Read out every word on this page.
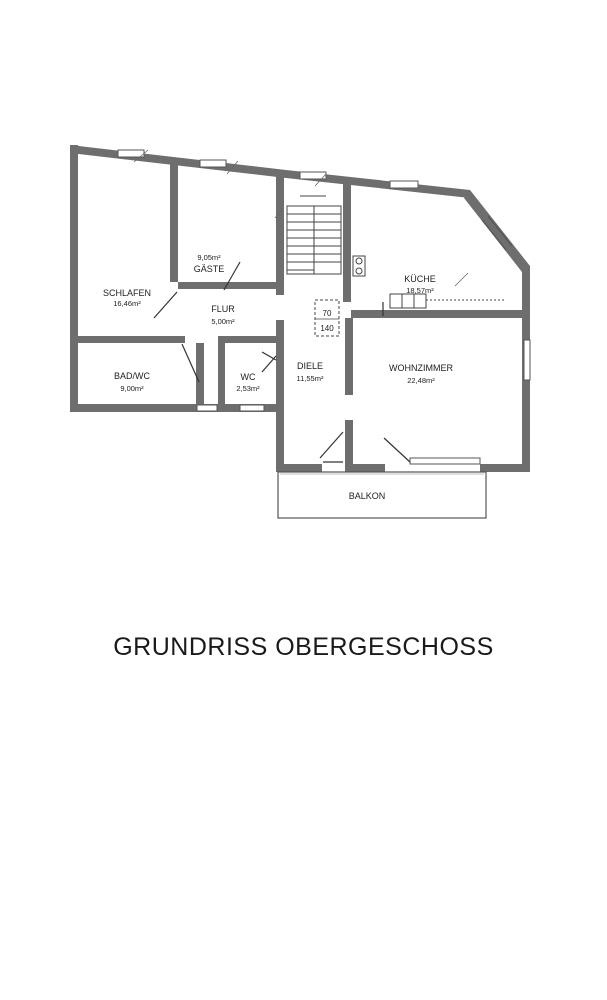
70
140
BALKON
SCHLAFEN
16,46m²
9,05m²
GÄSTE
FLUR
5,00m²
BAD/WC
9,00m²
WC
2,53m²
DIELE
11,55m²
KÜCHE
18,57m²
WOHNZIMMER
22,48m²
GRUNDRISS OBERGESCHOSS
